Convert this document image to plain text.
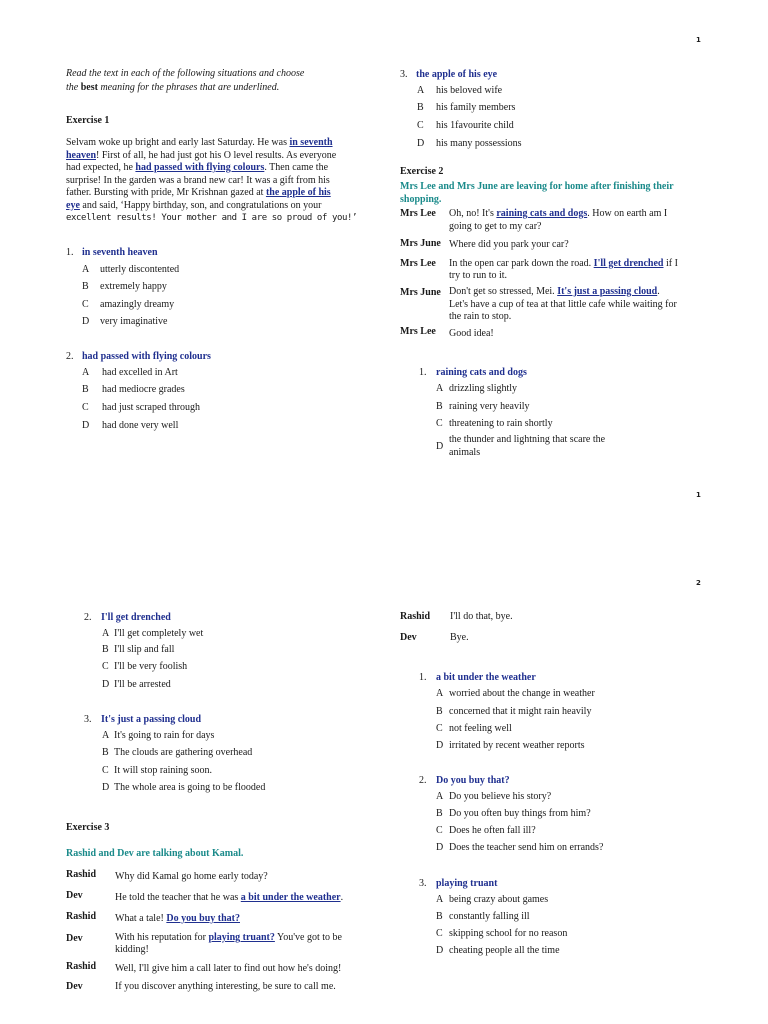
1
Read the text in each of the following situations and choose
the best meaning for the phrases that are underlined.
Exercise 1
Selvam woke up bright and early last Saturday. He was in seventh
heaven! First of all, he had just got his O level results. As everyone
had expected, he had passed with flying colours. Then came the
surprise! In the garden was a brand new car! It was a gift from his
father. Bursting with pride, Mr Krishnan gazed at the apple of his
eye and said, ‘Happy birthday, son, and congratulations on your
excellent results! Your mother and I are so proud of you!’
1. in seventh heaven
A utterly discontented
B extremely happy
C amazingly dreamy
D very imaginative
2. had passed with flying colours
A had excelled in Art
B had mediocre grades
C had just scraped through
D had done very well
3. the apple of his eye
A his beloved wife
B his family members
C his 1favourite child
D his many possessions
Exercise 2
Mrs Lee and Mrs June are leaving for home after finishing their
shopping.
Mrs Lee Oh, no! It's raining cats and dogs. How on earth am I
going to get to my car?
Mrs June Where did you park your car?
Mrs Lee In the open car park down the road. I'll get drenched if I
try to run to it.
Mrs June Don't get so stressed, Mei. It's just a passing cloud.
Let's have a cup of tea at that little cafe while waiting for
the rain to stop.
Mrs Lee Good idea!
1. raining cats and dogs
A drizzling slightly
B raining very heavily
C threatening to rain shortly
D
the thunder and lightning that scare the
animals
1
2
2. I'll get drenched
A I'll get completely wet
B I'll slip and fall
C I'll be very foolish
D I'll be arrested
3. It's just a passing cloud
A It's going to rain for days
B The clouds are gathering overhead
C It will stop raining soon.
D The whole area is going to be flooded
Exercise 3
Rashid and Dev are talking about Kamal.
Rashid Why did Kamal go home early today?
Dev	He told the teacher that he was a bit under the weather.
Rashid What a tale! Do you buy that?
Dev	With his reputation for playing truant? You've got to be
kidding!
Rashid Well, I'll give him a call later to find out how he's doing!
Dev	If you discover anything interesting, be sure to call me.
Rashid I'll do that, bye.
Dev	Bye.
1. a bit under the weather
A worried about the change in weather
B concerned that it might rain heavily
C not feeling well
D irritated by recent weather reports
2. Do you buy that?
A Do you believe his story?
B Do you often buy things from him?
C Does he often fall ill?
D Does the teacher send him on errands?
3. playing truant
A being crazy about games
B constantly falling ill
C skipping school for no reason
D cheating people all the time
